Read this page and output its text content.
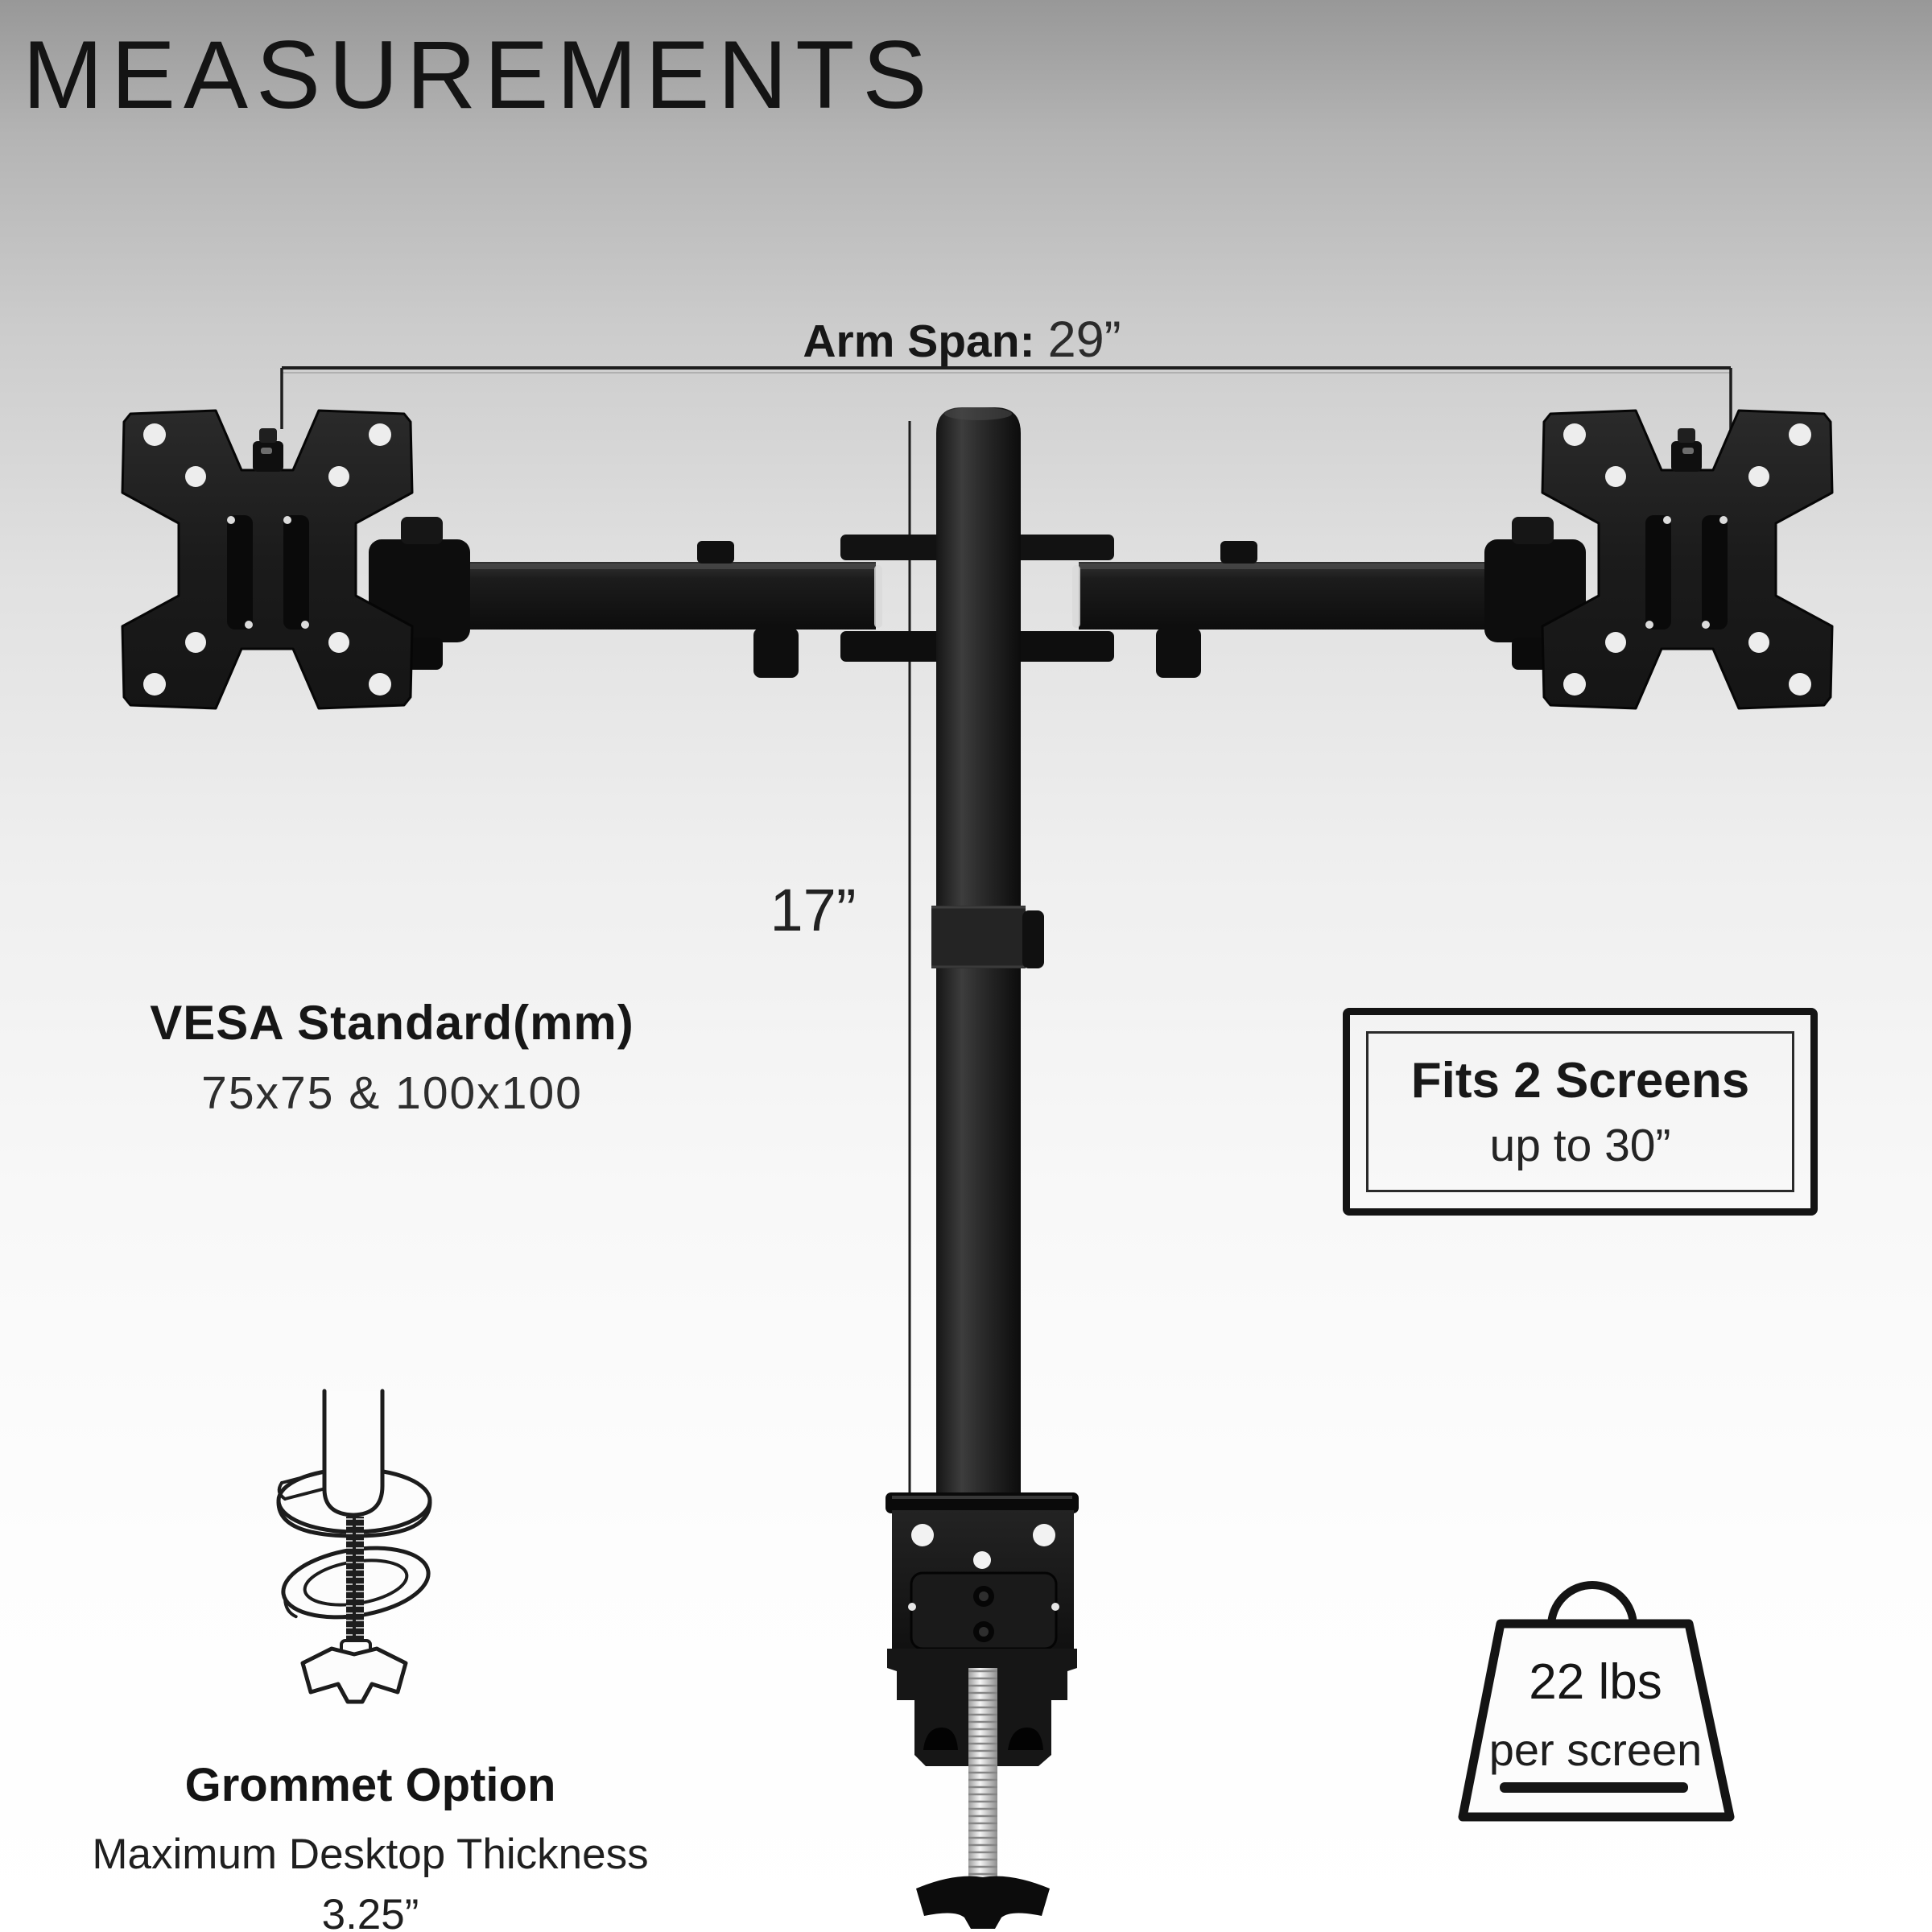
MEASUREMENTS
Arm Span: 29”
17”
VESA Standard(mm)
75x75 & 100x100	Fits 2 Screens
up to 30”
Grommet Option
Maximum Desktop Thickness
3.25”
22 lbs
per screen
